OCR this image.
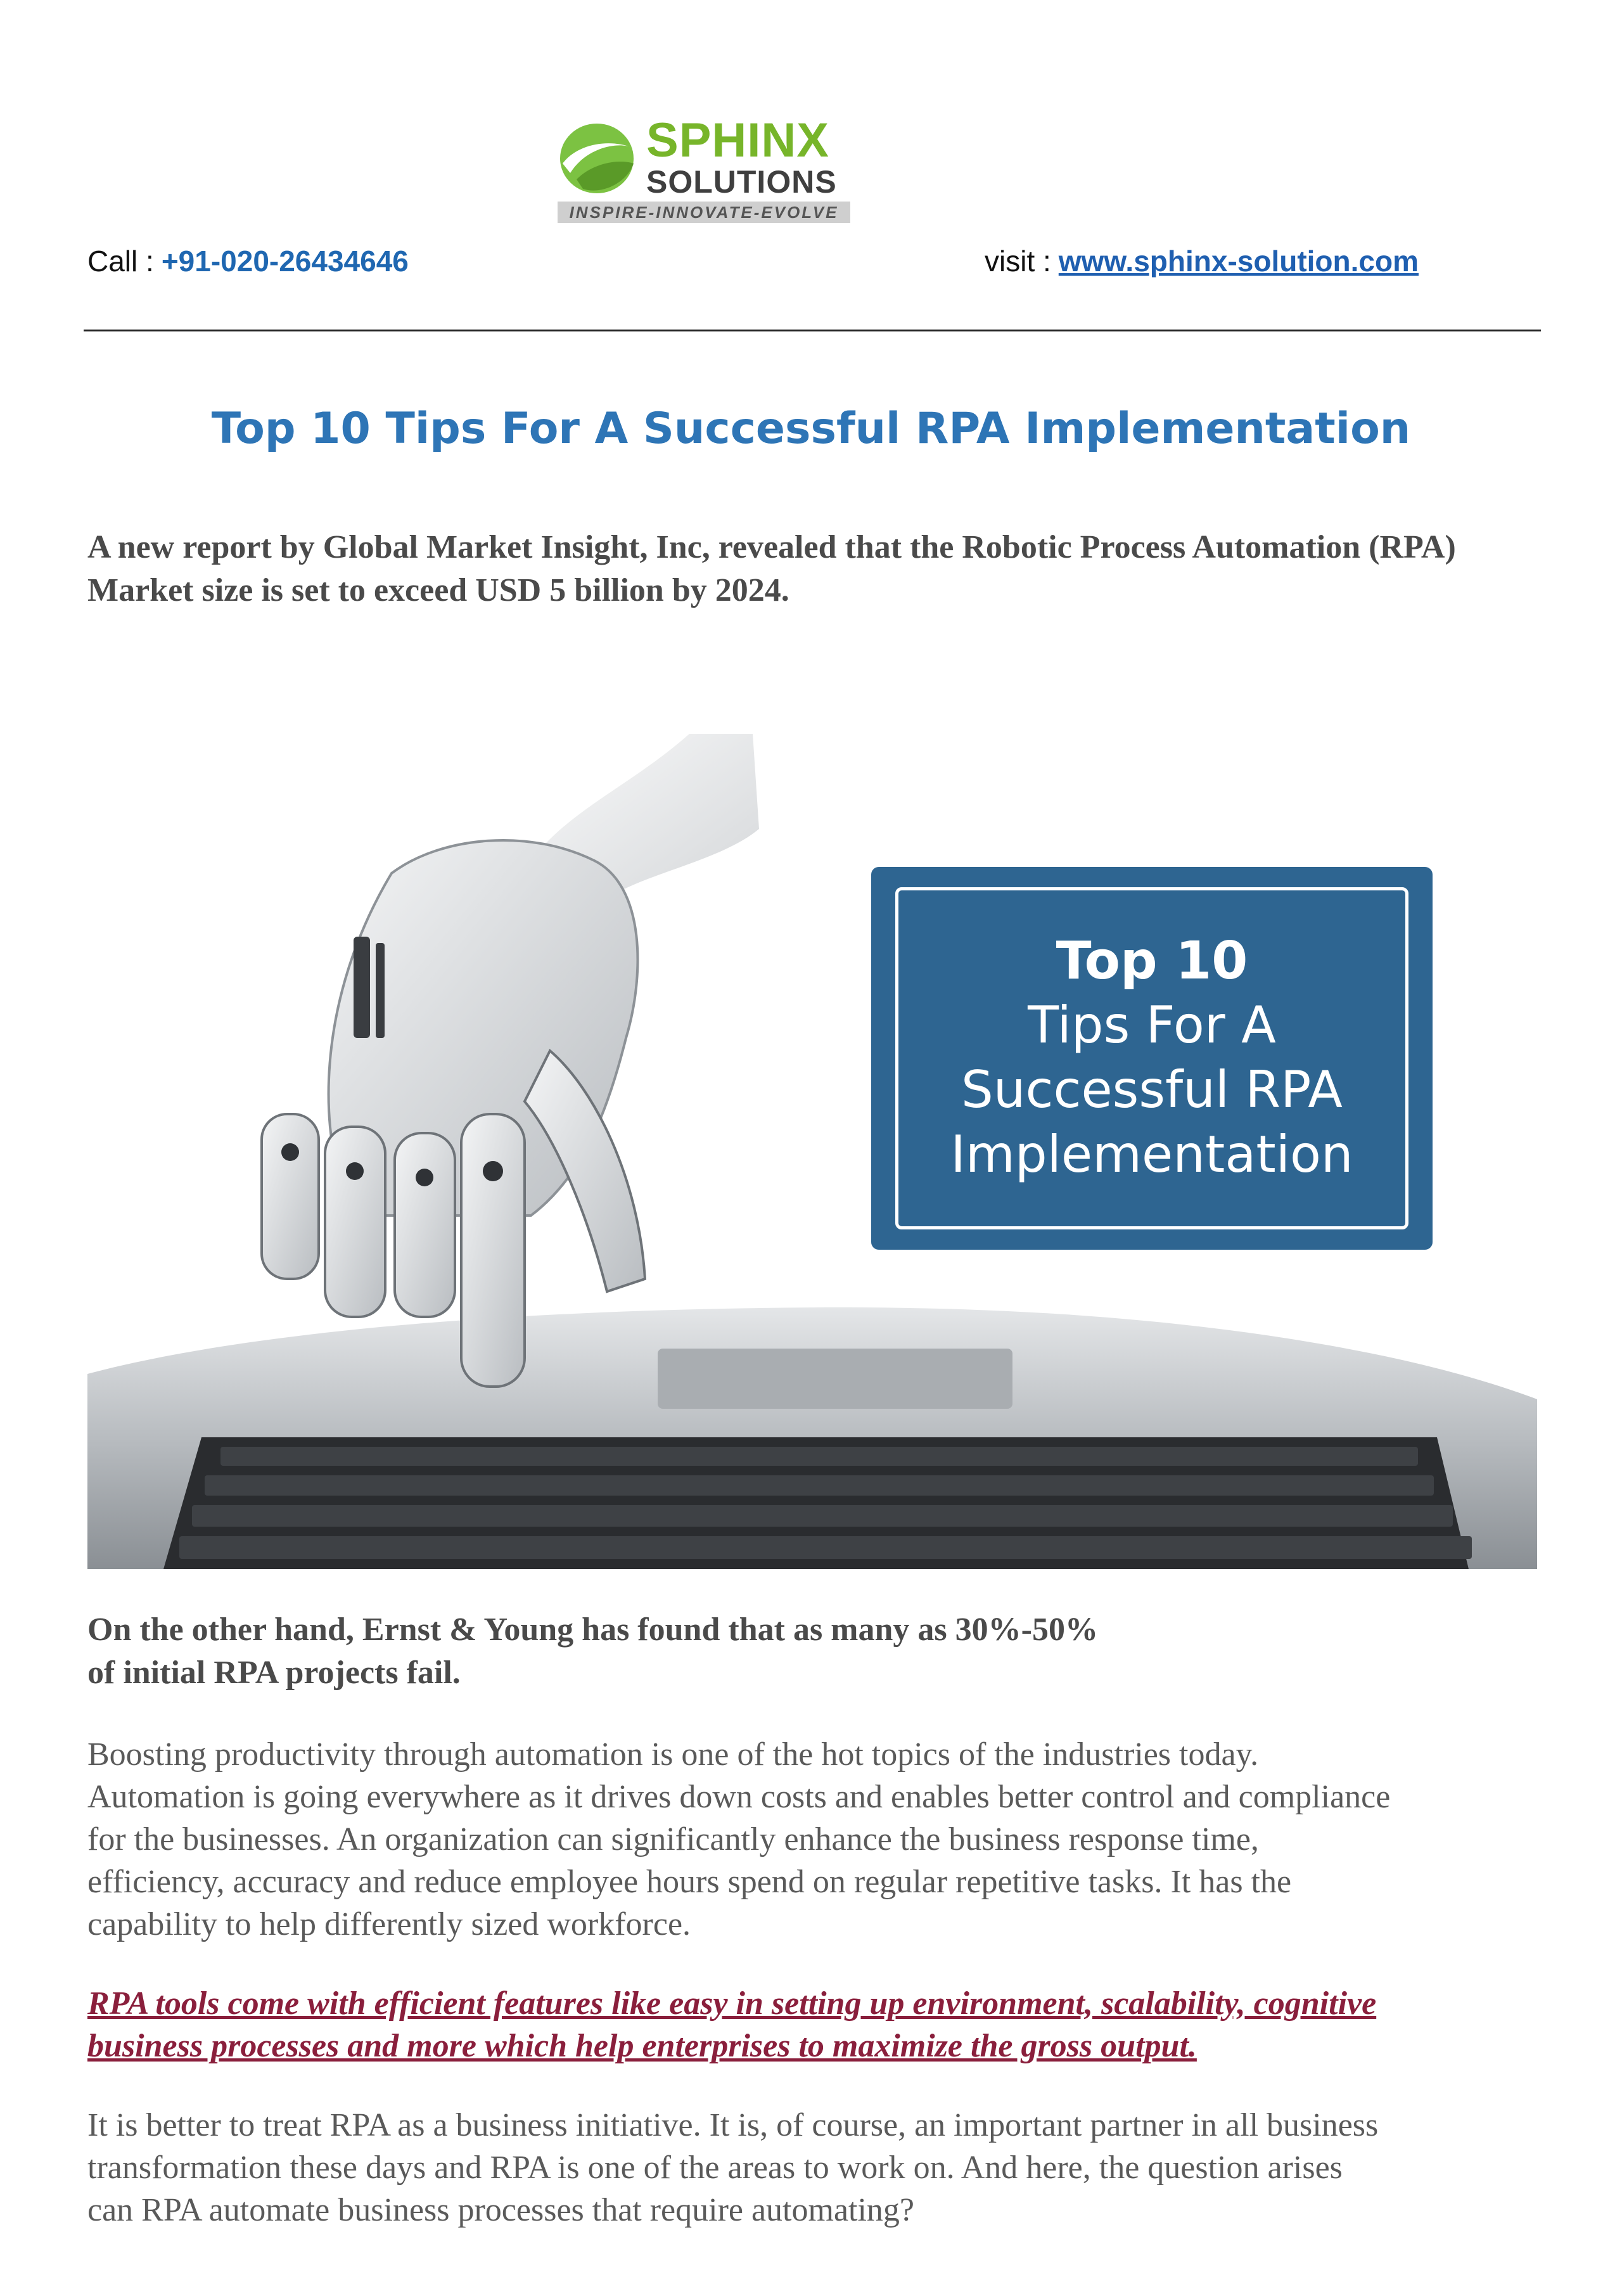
SPHINX
SOLUTIONS
INSPIRE-INNOVATE-EVOLVE
Call : +91-020-26434646	visit : www.sphinx-solution.com
Top 10 Tips For A Successful RPA Implementation
A new report by Global Market Insight, Inc, revealed that the Robotic Process Automation (RPA) Market size is set to exceed USD 5 billion by 2024.
Top 10
Tips For A
Successful RPA
Implementation
On the other hand, Ernst & Young has found that as many as 30%-50%
of initial RPA projects fail.
Boosting productivity through automation is one of the hot topics of the industries today.
Automation is going everywhere as it drives down costs and enables better control and compliance
for the businesses. An organization can significantly enhance the business response time,
efficiency, accuracy and reduce employee hours spend on regular repetitive tasks. It has the
capability to help differently sized workforce.
RPA tools come with efficient features like easy in setting up environment, scalability, cognitive
business processes and more which help enterprises to maximize the gross output.
It is better to treat RPA as a business initiative. It is, of course, an important partner in all business
transformation these days and RPA is one of the areas to work on. And here, the question arises
can RPA automate business processes that require automating?
